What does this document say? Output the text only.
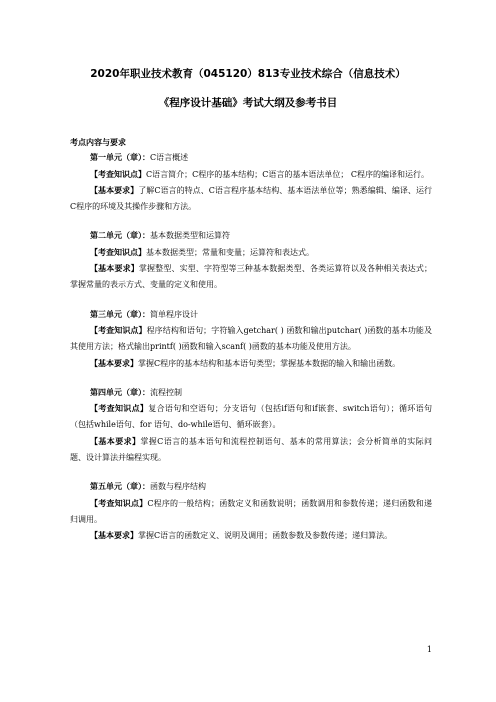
2020年职业技术教育（045120）813专业技术综合（信息技术）
《程序设计基础》考试大纲及参考书目

考点内容与要求

第一单元（章）：C语言概述

【考查知识点】C语言简介；C程序的基本结构；C语言的基本语法单位； C程序的编译和运行。

【基本要求】了解C语言的特点、C语言程序基本结构、基本语法单位等；熟悉编辑、编译、运行C程序的环境及其操作步骤和方法。

第二单元（章）：基本数据类型和运算符

【考查知识点】基本数据类型；常量和变量；运算符和表达式。

【基本要求】掌握整型、实型、字符型等三种基本数据类型、各类运算符以及各种相关表达式；掌握常量的表示方式、变量的定义和使用。

第三单元（章）：简单程序设计

【考查知识点】程序结构和语句；字符输入getchar( ) 函数和输出putchar( )函数的基本功能及其使用方法；格式输出printf( )函数和输入scanf( )函数的基本功能及使用方法。

【基本要求】掌握C程序的基本结构和基本语句类型；掌握基本数据的输入和输出函数。

第四单元（章）：流程控制

【考查知识点】复合语句和空语句；分支语句（包括if语句和if嵌套、switch语句）；循环语句（包括while语句、for 语句、do-while语句、循环嵌套）。

【基本要求】掌握C语言的基本语句和流程控制语句、基本的常用算法；会分析简单的实际问题、设计算法并编程实现。

第五单元（章）：函数与程序结构

【考查知识点】C程序的一般结构；函数定义和函数说明；函数调用和参数传递；递归函数和递归调用。

【基本要求】掌握C语言的函数定义、说明及调用；函数参数及参数传递；递归算法。

1
